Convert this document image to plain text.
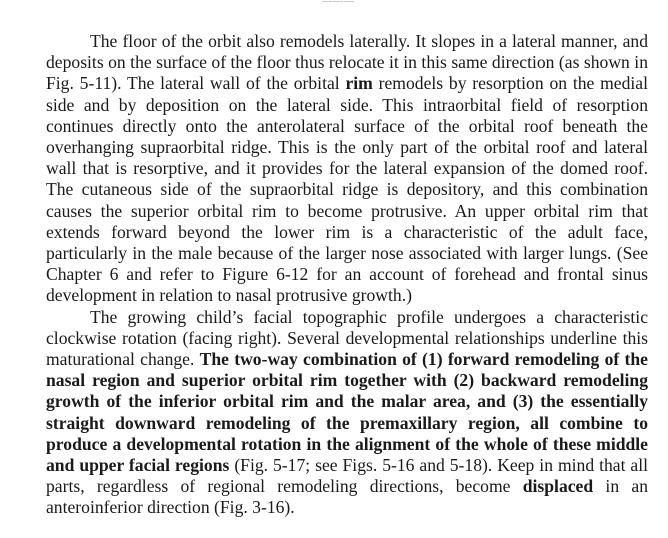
———

The floor of the orbit also remodels laterally. It slopes in a lateral manner, and deposits on the surface of the floor thus relocate it in this same direction (as shown in Fig. 5-11). The lateral wall of the orbital rim remodels by resorption on the medial side and by deposition on the lateral side. This intraorbital field of resorption continues directly onto the anterolateral surface of the orbital roof beneath the overhanging supraorbital ridge. This is the only part of the orbital roof and lateral wall that is resorptive, and it provides for the lateral expansion of the domed roof. The cutaneous side of the supraorbital ridge is depository, and this combination causes the superior orbital rim to become protrusive. An upper orbital rim that extends forward beyond the lower rim is a characteristic of the adult face, particularly in the male because of the larger nose associated with larger lungs. (See Chapter 6 and refer to Figure 6-12 for an account of forehead and frontal sinus development in relation to nasal protrusive growth.)

The growing child’s facial topographic profile undergoes a characteristic clockwise rotation (facing right). Several developmental relationships underline this maturational change. The two-way combination of (1) forward remodeling of the nasal region and superior orbital rim together with (2) backward remodeling growth of the inferior orbital rim and the malar area, and (3) the essentially straight downward remodeling of the premaxillary region, all combine to produce a developmental rotation in the alignment of the whole of these middle and upper facial regions (Fig. 5-17; see Figs. 5-16 and 5-18). Keep in mind that all parts, regardless of regional remodeling directions, become displaced in an anteroinferior direction (Fig. 3-16).
